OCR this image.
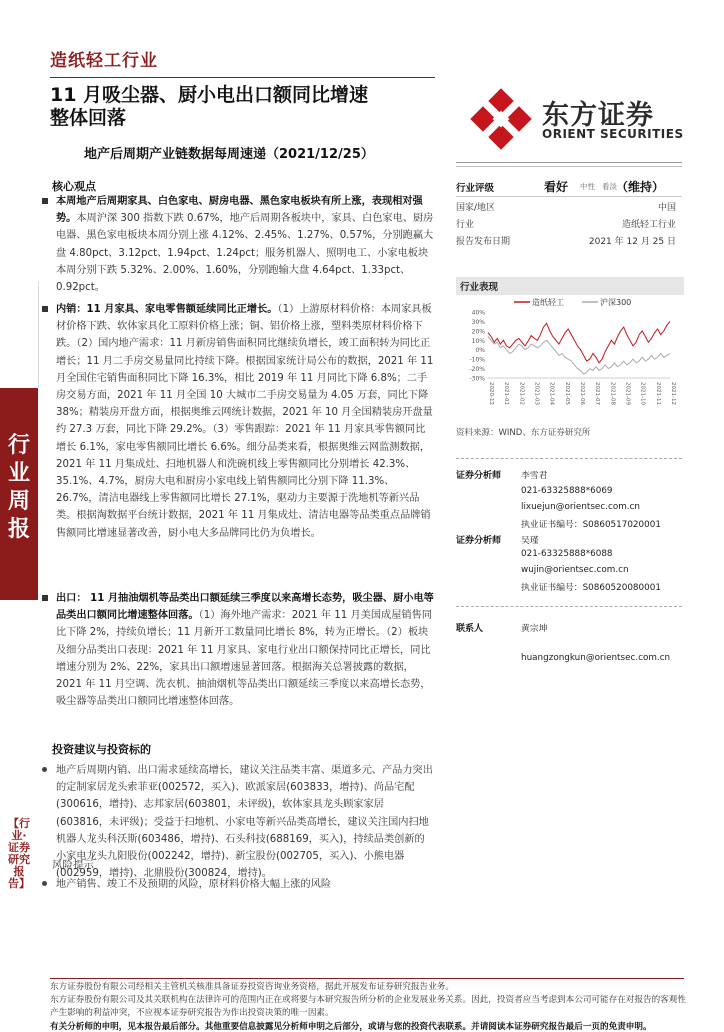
造纸轻工行业
11 月吸尘器、厨小电出口额同比增速
整体回落
地产后周期产业链数据每周速递（2021/12/25）
东方证券
ORIENT SECURITIES
行
业
周
报
【行业·证券研究报告】
核心观点
本周地产后周期家具、白色家电、厨房电器、黑色家电板块有所上涨，表现相对强势。本周沪深 300 指数下跌 0.67%，地产后周期各板块中，家具、白色家电、厨房电器、黑色家电板块本周分别上涨 4.12%、2.45%、1.27%、0.57%，分别跑赢大盘 4.80pct、3.12pct、1.94pct、1.24pct；服务机器人、照明电工、小家电板块本周分别下跌 5.32%、2.00%、1.60%，分别跑输大盘 4.64pct、1.33pct、0.92pct。
内销：11 月家具、家电零售额延续同比正增长。（1）上游原材料价格：本周家具板材价格下跌、软体家具化工原料价格上涨；铜、铝价格上涨，塑料类原材料价格下跌。（2）国内地产需求：11 月新房销售面积同比继续负增长，竣工面积转为同比正增长；11 月二手房交易量同比持续下降。根据国家统计局公布的数据，2021 年 11 月全国住宅销售面积同比下降 16.3%，相比 2019 年 11 月同比下降 6.8%；二手房交易方面，2021 年 11 月全国 10 大城市二手房交易量为 4.05 万套，同比下降 38%；精装房开盘方面，根据奥维云网统计数据，2021 年 10 月全国精装房开盘量约 27.3 万套，同比下降 29.2%。（3）零售跟踪：2021 年 11 月家具零售额同比增长 6.1%，家电零售额同比增长 6.6%。细分品类来看，根据奥维云网监测数据，2021 年 11 月集成灶、扫地机器人和洗碗机线上零售额同比分别增长 42.3%、35.1%、4.7%，厨房大电和厨房小家电线上销售额同比分别下降 11.3%、26.7%，清洁电器线上零售额同比增长 27.1%，驱动力主要源于洗地机等新兴品类。根据淘数据平台统计数据，2021 年 11 月集成灶、清洁电器等品类重点品牌销售额同比增速显著改善，厨小电大多品牌同比仍为负增长。
出口： 11 月抽油烟机等品类出口额延续三季度以来高增长态势，吸尘器、厨小电等品类出口额同比增速整体回落。（1）海外地产需求：2021 年 11 月美国成屋销售同比下降 2%，持续负增长；11 月新开工数量同比增长 8%，转为正增长。（2）板块及细分品类出口表现：2021 年 11 月家具、家电行业出口额保持同比正增长，同比增速分别为 2%、22%，家具出口额增速显著回落。根据海关总署披露的数据，2021 年 11 月空调、洗衣机、抽油烟机等品类出口额延续三季度以来高增长态势，吸尘器等品类出口额同比增速整体回落。
投资建议与投资标的
地产后周期内销、出口需求延续高增长，建议关注品类丰富、渠道多元、产品力突出的定制家居龙头索菲亚(002572，买入)、欧派家居(603833，增持)、尚品宅配(300616，增持)、志邦家居(603801，未评级)，软体家具龙头顾家家居(603816，未评级)；受益于扫地机、小家电等新兴品类高增长，建议关注国内扫地机器人龙头科沃斯(603486，增持)、石头科技(688169，买入)，持续品类创新的小家电龙头九阳股份(002242，增持)、新宝股份(002705，买入)、小熊电器(002959，增持)、北鼎股份(300824，增持)。
风险提示
地产销售、竣工不及预期的风险，原材料价格大幅上涨的风险
行业评级	看好 中性 看淡 （维持）
国家/地区	中国
行业	造纸轻工行业
报告发布日期	2021 年 12 月 25 日
行业表现
造纸轻工	沪深300
-30%
-20%
-10%
0%
10%
20%
30%
40%
2020-12 2021-01 2021-02 2021-03 2021-04 2021-05 2021-06 2021-07 2021-08 2021-09 2021-10 2021-11 2021-12
资料来源：WIND、东方证券研究所
证券分析师 李雪君
021-63325888*6069
lixuejun@orientsec.com.cn
执业证书编号：S0860517020001
证券分析师 吴瑾
021-63325888*6088
wujin@orientsec.com.cn
执业证书编号：S0860520080001
联系人	黄宗坤
huangzongkun@orientsec.com.cn
东方证券股份有限公司经相关主管机关核准具备证券投资咨询业务资格，据此开展发布证券研究报告业务。
东方证券股份有限公司及其关联机构在法律许可的范围内正在或将要与本研究报告所分析的企业发展业务关系。因此，投资者应当考虑到本公司可能存在对报告的客观性产生影响的利益冲突，不应视本证券研究报告为作出投资决策的唯一因素。
有关分析师的申明，见本报告最后部分。其他重要信息披露见分析师申明之后部分，或请与您的投资代表联系。并请阅读本证券研究报告最后一页的免责申明。
